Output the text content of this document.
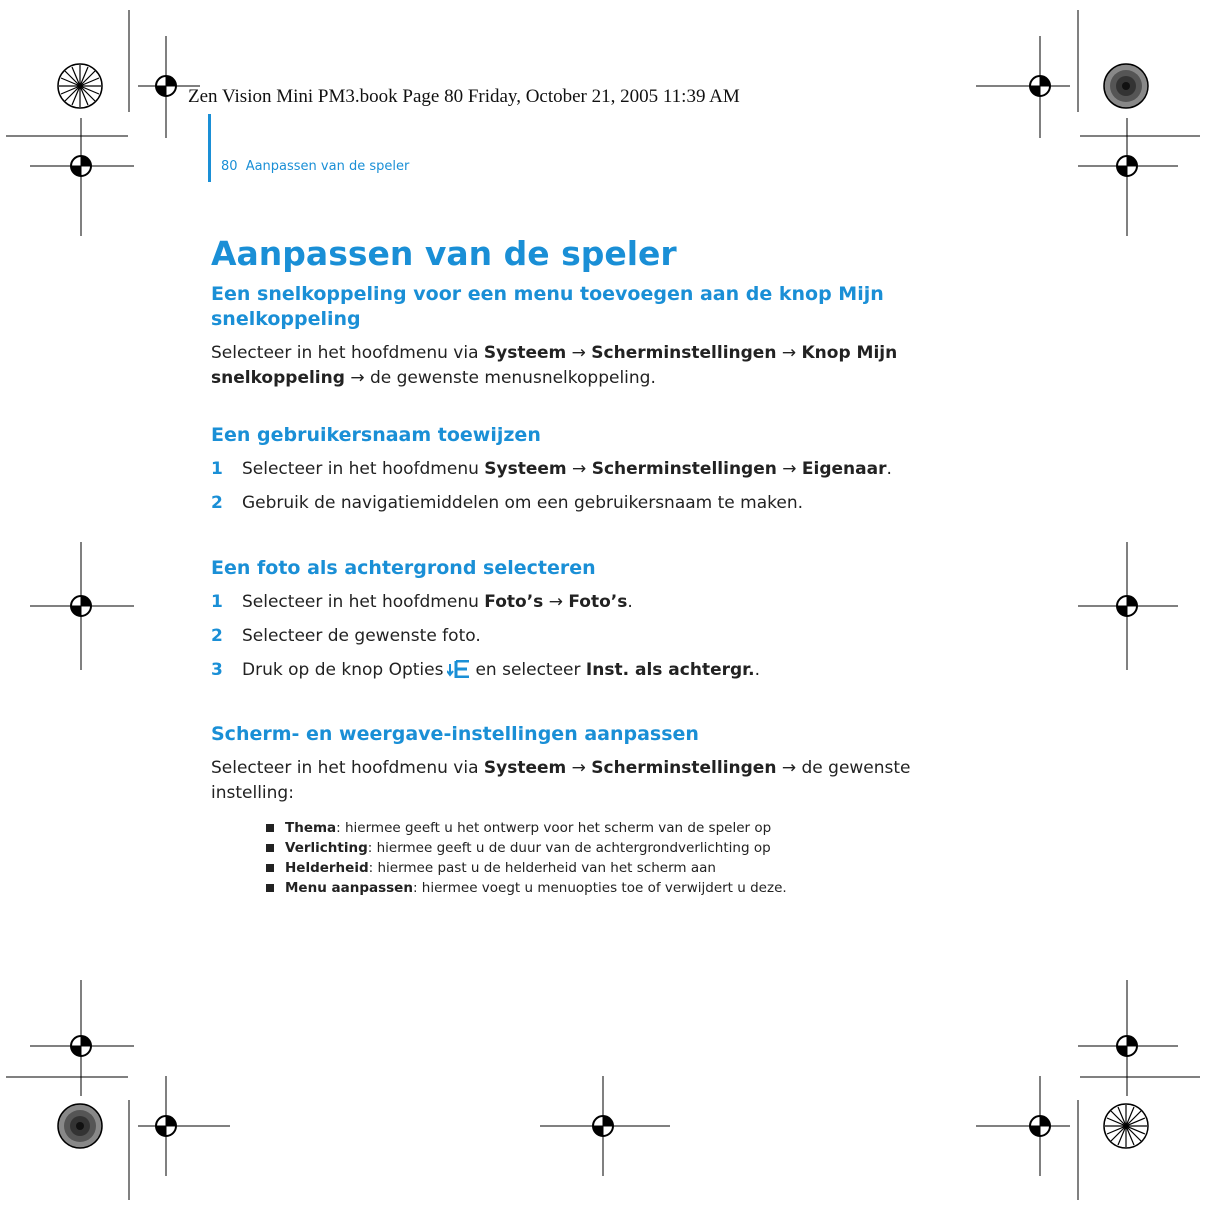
Zen Vision Mini PM3.book Page 80 Friday, October 21, 2005 11:39 AM
80 Aanpassen van de speler
Aanpassen van de speler
Een snelkoppeling voor een menu toevoegen aan de knop Mijn snelkoppeling

Selecteer in het hoofdmenu via Systeem → Scherminstellingen → Knop Mijn snelkoppeling → de gewenste menusnelkoppeling.

Een gebruikersnaam toewijzen
1 Selecteer in het hoofdmenu Systeem → Scherminstellingen → Eigenaar.
2 Gebruik de navigatiemiddelen om een gebruikersnaam te maken.
Een foto als achtergrond selecteren
1 Selecteer in het hoofdmenu Foto’s → Foto’s.
2 Selecteer de gewenste foto.
3 Druk op de knop Opties en selecteer Inst. als achtergr..
Scherm- en weergave-instellingen aanpassen

Selecteer in het hoofdmenu via Systeem → Scherminstellingen → de gewenste instelling:

Thema: hiermee geeft u het ontwerp voor het scherm van de speler op
Verlichting: hiermee geeft u de duur van de achtergrondverlichting op
Helderheid: hiermee past u de helderheid van het scherm aan
Menu aanpassen: hiermee voegt u menuopties toe of verwijdert u deze.
